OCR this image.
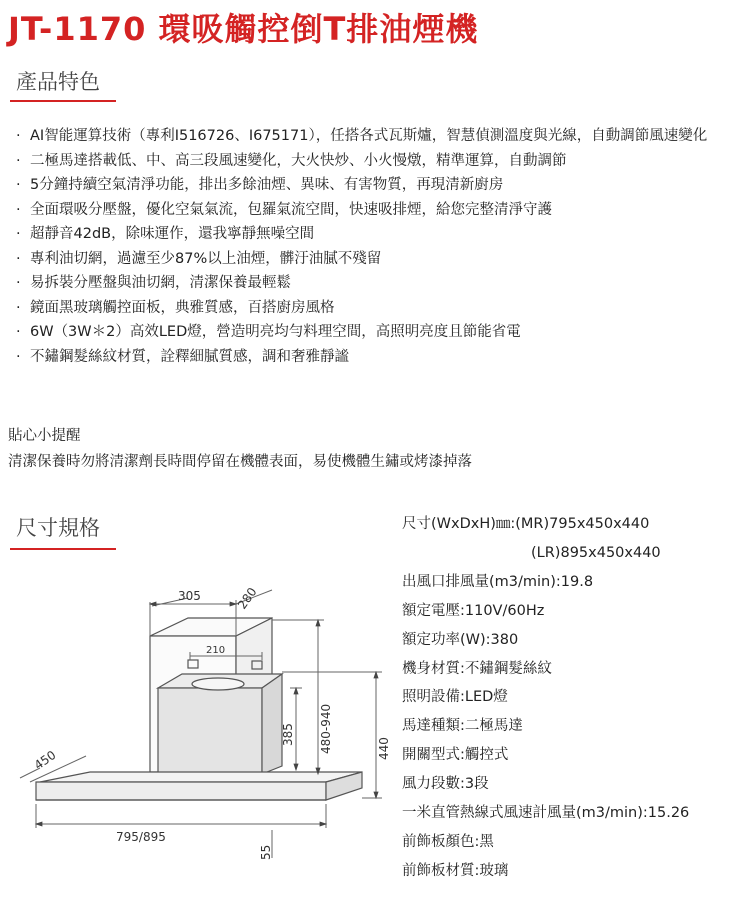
JT-1170 環吸觸控倒T排油煙機
產品特色
· AI智能運算技術（專利I516726、I675171），任搭各式瓦斯爐，智慧偵測溫度與光線，自動調節風速變化
· 二極馬達搭載低、中、高三段風速變化，大火快炒、小火慢燉，精準運算，自動調節
· 5分鐘持續空氣清淨功能，排出多餘油煙、異味、有害物質，再現清新廚房
· 全面環吸分壓盤，優化空氣氣流，包羅氣流空間，快速吸排煙，給您完整清淨守護
· 超靜音42dB，除味運作，還我寧靜無噪空間
· 專利油切網，過濾至少87%以上油煙，髒汙油膩不殘留
· 易拆裝分壓盤與油切網，清潔保養最輕鬆
· 鏡面黑玻璃觸控面板，典雅質感，百搭廚房風格
· 6W（3W＊2）高效LED燈，營造明亮均勻料理空間，高照明亮度且節能省電
· 不鏽鋼髮絲紋材質，詮釋細膩質感，調和奢雅靜謐
貼心小提醒
清潔保養時勿將清潔劑長時間停留在機體表面，易使機體生鏽或烤漆掉落
尺寸規格
305	280
210
385 480-940	440
450
795/895
55
尺寸(WxDxH)㎜:(MR)795x450x440
(LR)895x450x440
出風口排風量(m3/min):19.8
額定電壓:110V/60Hz
額定功率(W):380
機身材質:不鏽鋼髮絲紋
照明設備:LED燈
馬達種類:二極馬達
開關型式:觸控式
風力段數:3段
一米直管熱線式風速計風量(m3/min):15.26
前飾板顏色:黑
前飾板材質:玻璃
